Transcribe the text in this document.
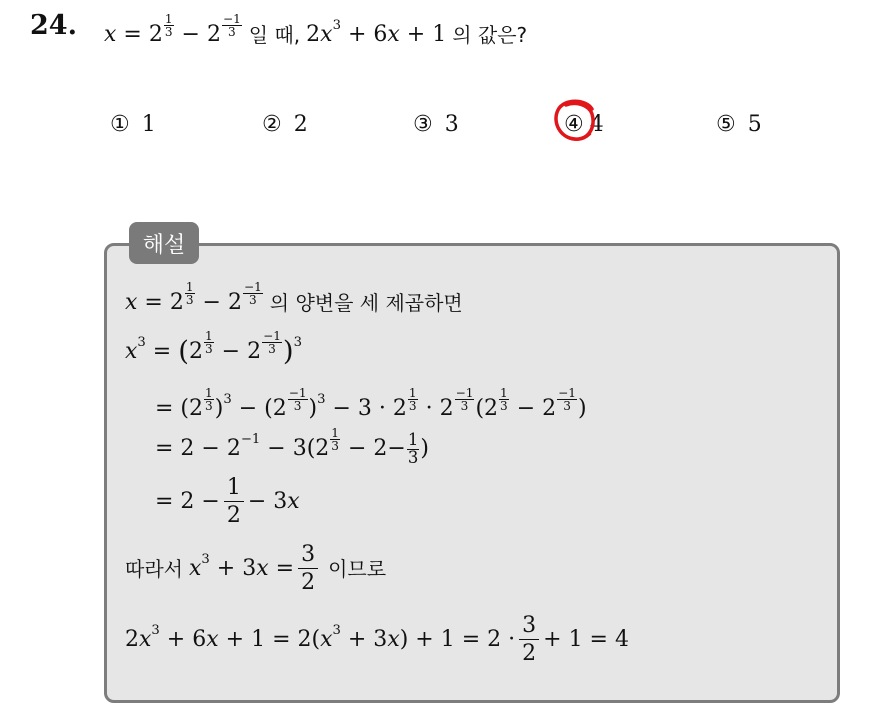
24. x = 2
1
3 − 2
−1
3 일 때, 2 x 3 + 6 x + 1 의 값은?
① 1	② 2	③ 3	④ 4	⑤ 5
해설
x = 2
1
3 − 2
−1
3 의 양변을 세 제곱하면
x 3 = ( 2
1
3 − 2
−1
3 ) 3
= (2
1
3 ) 3 − (2
−1
3 ) 3 − 3 · 2
1
3 · 2
−1
3 (2
1
3 − 2
−1
3 )
= 2 − 2 −1 − 3(2
1
3 − 2− 1
3 )
= $2 - \frac{1}{2} - 3$ x
따라서 x 3 + 3 $x = \frac{3}{2}$ 이므로
2 x 3 + 6 x + 1 = 2( x 3 + 3 x ) + $1 = 2 \cdot \frac{3}{2} + 1 = 4$
